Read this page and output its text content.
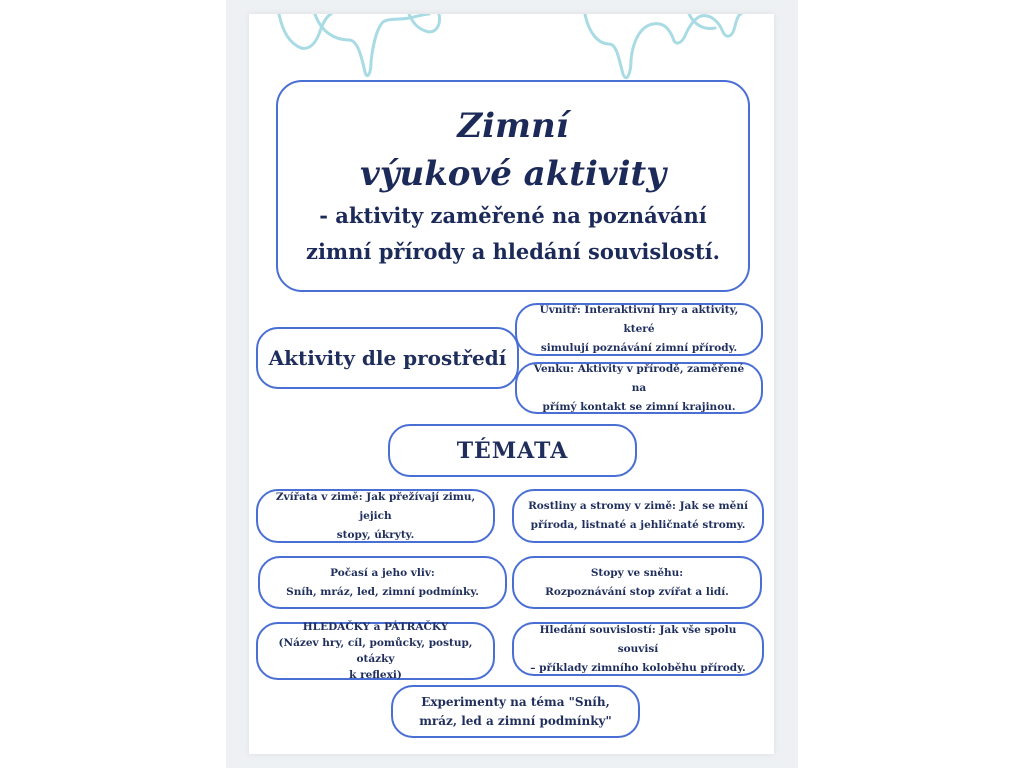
Zimní
výukové aktivity
- aktivity zaměřené na poznávání
zimní přírody a hledání souvislostí.
Aktivity dle prostředí
Uvnitř: Interaktivní hry a aktivity, které
simulují poznávání zimní přírody.
Venku: Aktivity v přírodě, zaměřené na
přímý kontakt se zimní krajinou.
TÉMATA
Zvířata v zimě: Jak přežívají zimu, jejich
stopy, úkryty.
Rostliny a stromy v zimě: Jak se mění
příroda, listnaté a jehličnaté stromy.
Počasí a jeho vliv:
Sníh, mráz, led, zimní podmínky.
Stopy ve sněhu:
Rozpoznávání stop zvířat a lidí.
HLEDAČKY a PÁTRAČKY
(Název hry, cíl, pomůcky, postup, otázky
k reflexi)
Hledání souvislostí: Jak vše spolu souvisí
– příklady zimního koloběhu přírody.
Experimenty na téma "Sníh,
mráz, led a zimní podmínky"
